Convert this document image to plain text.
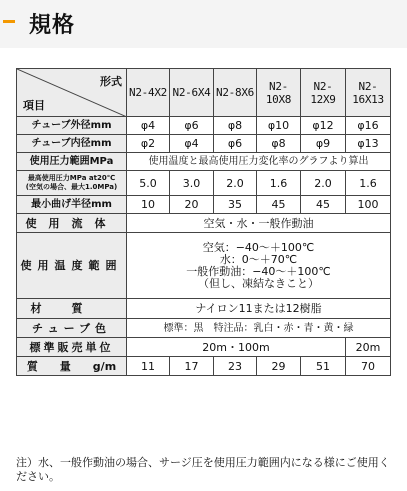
規格
形式
項目	N2-4X2	N2-6X4	N2-8X6	N2-10X8	N2-12X9	N2-16X13
チューブ外径mm	φ4	φ6	φ8	φ10	φ12	φ16
チューブ内径mm	φ2	φ4	φ6	φ8	φ9	φ13
使用圧力範囲MPa	使用温度と最高使用圧力変化率のグラフより算出					

最高使用圧力MPa at20℃
(空気の場合、最大1.0MPa)	5.0	3.0	2.0	1.6	2.0	1.6
最小曲げ半径mm	10	20	35	45	45	100
使用流体	空気・水・一般作動油					
使用温度範囲	空気：−40〜＋100℃
水：0〜＋70℃
一般作動油：−40〜＋100℃
（但し、凍結なきこと）					

材質	ナイロン11または12樹脂					
チューブ色	標準：黒　特注品：乳白・赤・青・黄・緑					
標準販売単位	20m・100m					20m
質　　量　　g/m	11	17	23	29	51	70
注）水、一般作動油の場合、サージ圧を使用圧力範囲内になる様にご使用ください。
